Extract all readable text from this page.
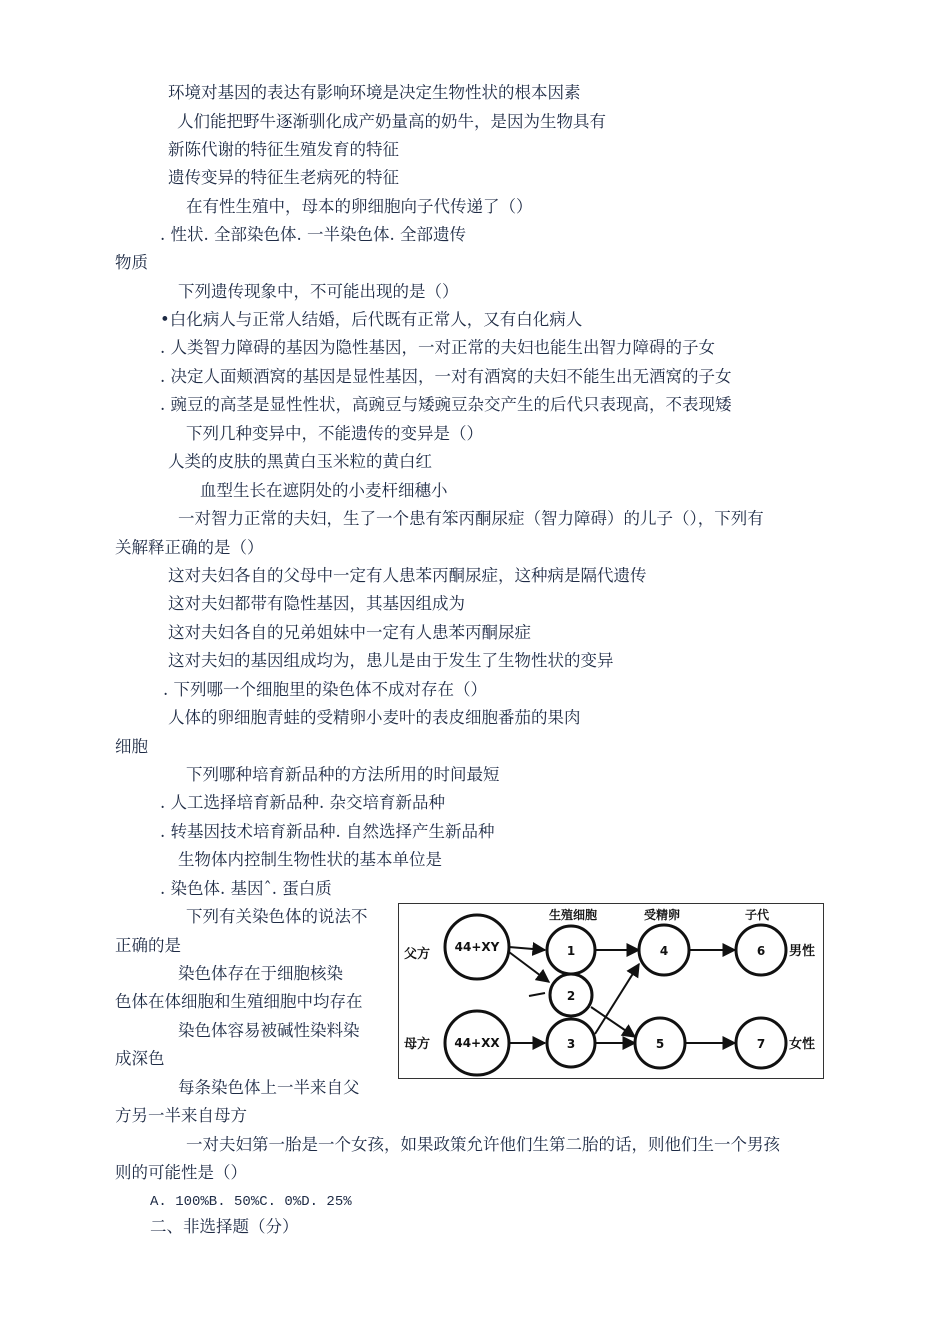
环境对基因的表达有影响环境是决定生物性状的根本因素
人们能把野牛逐渐驯化成产奶量高的奶牛，是因为生物具有
新陈代谢的特征生殖发育的特征
遗传变异的特征生老病死的特征
在有性生殖中，母本的卵细胞向子代传递了（）
. 性状. 全部染色体. 一半染色体. 全部遗传
物质
下列遗传现象中，不可能出现的是（）
•白化病人与正常人结婚，后代既有正常人，又有白化病人
. 人类智力障碍的基因为隐性基因，一对正常的夫妇也能生出智力障碍的子女
. 决定人面颊酒窝的基因是显性基因，一对有酒窝的夫妇不能生出无酒窝的子女
. 豌豆的高茎是显性性状，高豌豆与矮豌豆杂交产生的后代只表现高，不表现矮
下列几种变异中，不能遗传的变异是（）
人类的皮肤的黑黄白玉米粒的黄白红
血型生长在遮阴处的小麦杆细穗小
一对智力正常的夫妇，生了一个患有笨丙酮尿症（智力障碍）的儿子（），下列有
关解释正确的是（）
这对夫妇各自的父母中一定有人患苯丙酮尿症，这种病是隔代遗传
这对夫妇都带有隐性基因，其基因组成为
这对夫妇各自的兄弟姐妹中一定有人患苯丙酮尿症
这对夫妇的基因组成均为，患儿是由于发生了生物性状的变异
. 下列哪一个细胞里的染色体不成对存在（）
人体的卵细胞青蛙的受精卵小麦叶的表皮细胞番茄的果肉
细胞
下列哪种培育新品种的方法所用的时间最短
. 人工选择培育新品种. 杂交培育新品种
. 转基因技术培育新品种. 自然选择产生新品种
生物体内控制生物性状的基本单位是
. 染色体. 基因ˆ. 蛋白质
下列有关染色体的说法不
正确的是
染色体存在于细胞核染
色体在体细胞和生殖细胞中均存在
染色体容易被碱性染料染
成深色
每条染色体上一半来自父
方另一半来自母方
一对夫妇第一胎是一个女孩，如果政策允许他们生第二胎的话，则他们生一个男孩
则的可能性是（）
A. 100%B. 50%C. 0%D. 25%
二、非选择题（分）
生殖细胞	受精卵	子代
父方
母方
44+XY
44+XX
1
2
3
4
5
6
7
男性
女性
